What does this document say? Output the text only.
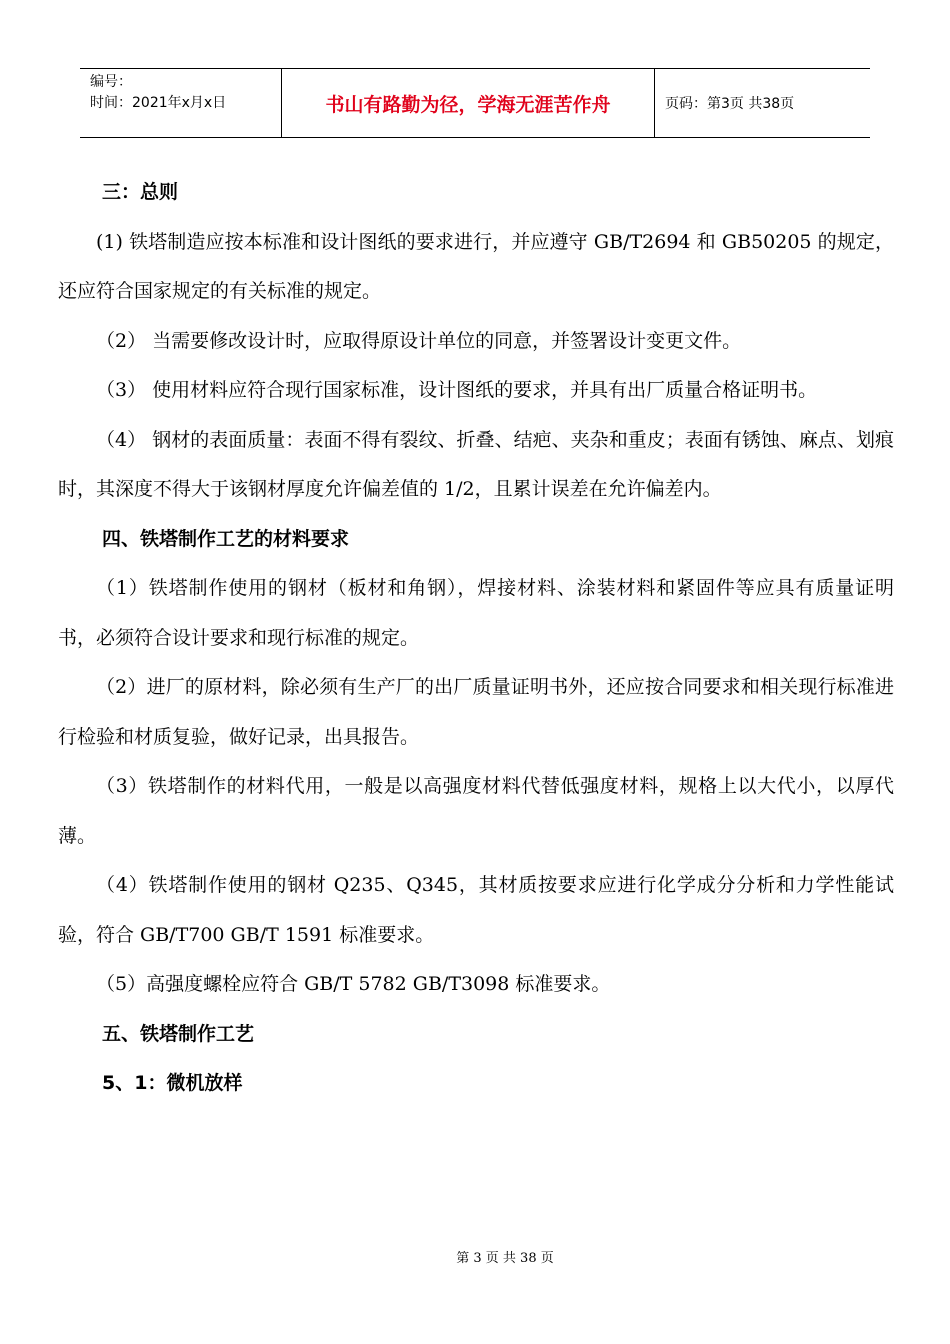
编号：
时间：2021年x月x日	书山有路勤为径，学海无涯苦作舟	页码：第3页 共38页
三：总则

(1) 铁塔制造应按本标准和设计图纸的要求进行，并应遵守 GB/T2694 和 GB50205 的规定，还应符合国家规定的有关标准的规定。

（2） 当需要修改设计时，应取得原设计单位的同意，并签署设计变更文件。

（3） 使用材料应符合现行国家标准，设计图纸的要求，并具有出厂质量合格证明书。

（4） 钢材的表面质量：表面不得有裂纹、折叠、结疤、夹杂和重皮；表面有锈蚀、麻点、划痕时，其深度不得大于该钢材厚度允许偏差值的 1/2，且累计误差在允许偏差内。

四、铁塔制作工艺的材料要求

（1）铁塔制作使用的钢材（板材和角钢），焊接材料、涂装材料和紧固件等应具有质量证明书，必须符合设计要求和现行标准的规定。

（2）进厂的原材料，除必须有生产厂的出厂质量证明书外，还应按合同要求和相关现行标准进行检验和材质复验，做好记录，出具报告。

（3）铁塔制作的材料代用，一般是以高强度材料代替低强度材料，规格上以大代小，以厚代薄。

（4）铁塔制作使用的钢材 Q235、Q345，其材质按要求应进行化学成分分析和力学性能试验，符合 GB/T700 GB/T 1591 标准要求。

（5）高强度螺栓应符合 GB/T 5782 GB/T3098 标准要求。

五、铁塔制作工艺
5、1：微机放样
第 3 页 共 38 页
